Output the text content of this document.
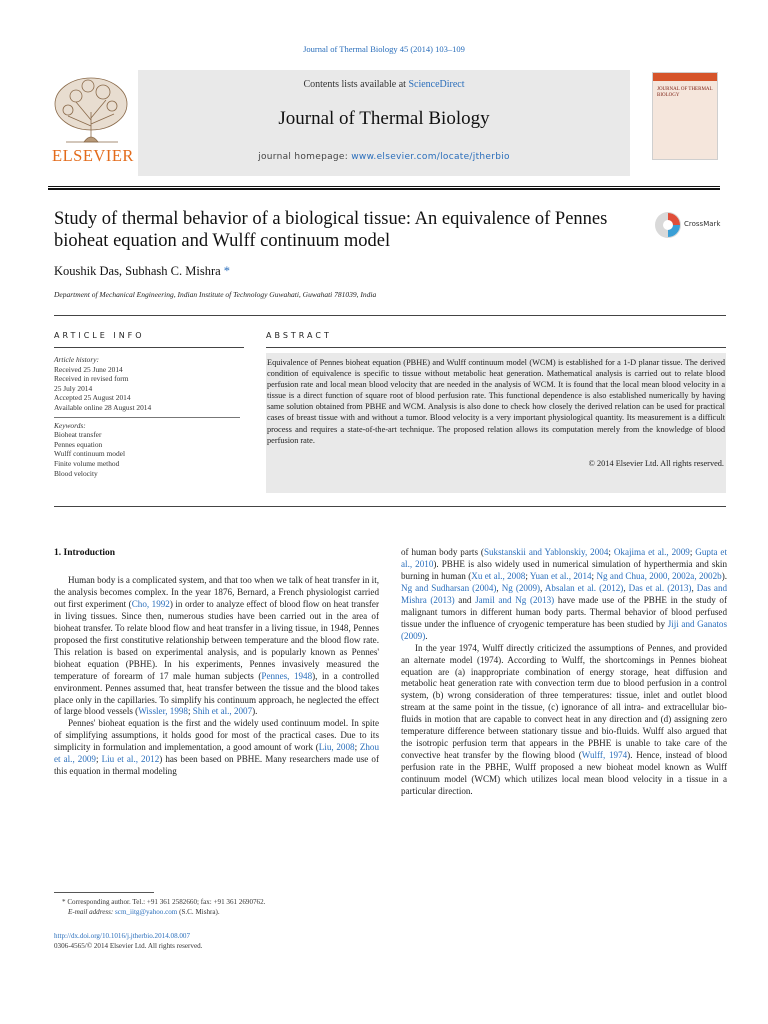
Journal of Thermal Biology 45 (2014) 103–109
ELSEVIER
Contents lists available at ScienceDirect
Journal of Thermal Biology
journal homepage: www.elsevier.com/locate/jtherbio
JOURNAL OF THERMAL BIOLOGY
Study of thermal behavior of a biological tissue: An equivalence of Pennes bioheat equation and Wulff continuum model
CrossMark
Koushik Das, Subhash C. Mishra *
Department of Mechanical Engineering, Indian Institute of Technology Guwahati, Guwahati 781039, India
ARTICLE INFO	ABSTRACT
Article history:
Received 25 June 2014
Received in revised form
25 July 2014
Accepted 25 August 2014
Available online 28 August 2014
Keywords:
Bioheat transfer
Pennes equation
Wulff continuum model
Finite volume method
Blood velocity

Equivalence of Pennes bioheat equation (PBHE) and Wulff continuum model (WCM) is established for a 1-D planar tissue. The derived condition of equivalence is specific to tissue without metabolic heat generation. Mathematical analysis is carried out to relate blood perfusion rate and local mean blood velocity that are needed in the analysis of WCM. It is found that the local mean blood velocity in a tissue is a direct function of square root of blood perfusion rate. This functional dependence is also established numerically by having same solution obtained from PBHE and WCM. Analysis is also done to check how closely the derived relation can be used for practical cases of breast tissue with and without a tumor. Blood velocity is a very important physiological quantity. Its measurement is a difficult process and requires a state-of-the-art technique. The proposed relation allows its computation merely from the knowledge of blood perfusion rate.

© 2014 Elsevier Ltd. All rights reserved.

1. Introduction

Human body is a complicated system, and that too when we talk of heat transfer in it, the analysis becomes complex. In the year 1876, Bernard, a French physiologist carried out first experiment (Cho, 1992) in order to analyze effect of blood flow on heat transfer in living tissues. Since then, numerous studies have been carried out in the area of bioheat transfer. To relate blood flow and heat transfer in a living tissue, in 1948, Pennes proposed the first constitutive relationship between temperature and the blood flow rate. This relation is based on experimental analysis, and is popularly known as Pennes' bioheat equation (PBHE). In his experiments, Pennes invasively measured the temperature of forearm of 17 male human subjects (Pennes, 1948), in a controlled environment. Pennes assumed that, heat transfer between the tissue and the blood takes place only in the capillaries. To simplify his continuum approach, he neglected the effect of large blood vessels (Wissler, 1998; Shih et al., 2007).

Pennes' bioheat equation is the first and the widely used continuum model. In spite of simplifying assumptions, it holds good for most of the practical cases. Due to its simplicity in formulation and implementation, a good amount of work (Liu, 2008; Zhou et al., 2009; Liu et al., 2012) has been based on PBHE. Many researchers made use of this equation in thermal modeling

of human body parts (Sukstanskii and Yablonskiy, 2004; Okajima et al., 2009; Gupta et al., 2010). PBHE is also widely used in numerical simulation of hyperthermia and skin burning in human (Xu et al., 2008; Yuan et al., 2014; Ng and Chua, 2000, 2002a, 2002b). Ng and Sudharsan (2004), Ng (2009), Absalan et al. (2012), Das et al. (2013), Das and Mishra (2013) and Jamil and Ng (2013) have made use of the PBHE in the study of malignant tumors in different human body parts. Thermal behavior of blood perfused tissue under the influence of cryogenic temperature has been studied by Jiji and Ganatos (2009).

In the year 1974, Wulff directly criticized the assumptions of Pennes, and provided an alternate model (1974). According to Wulff, the shortcomings in Pennes bioheat equation are (a) inappropriate combination of energy storage, heat diffusion and metabolic heat generation rate with convection term due to blood perfusion in a control system, (b) wrong consideration of three temperatures: tissue, inlet and outlet blood stream at the same point in the tissue, (c) ignorance of all intra- and extracellular bio-fluids in motion that are capable to convect heat in any direction and (d) assigning zero temperature difference between stationary tissue and bio-fluids. Wulff also argued that the isotropic perfusion term that appears in the PBHE is unable to take care of the convective heat transfer by the flowing blood (Wulff, 1974). Hence, instead of blood perfusion rate in the PBHE, Wulff proposed a new bioheat model known as Wulff continuum model (WCM) which utilizes local mean blood velocity in a tissue in a particular direction.

* Corresponding author. Tel.: +91 361 2582660; fax: +91 361 2690762.
E-mail address: scm_iitg@yahoo.com (S.C. Mishra).
http://dx.doi.org/10.1016/j.jtherbio.2014.08.007
0306-4565/© 2014 Elsevier Ltd. All rights reserved.
